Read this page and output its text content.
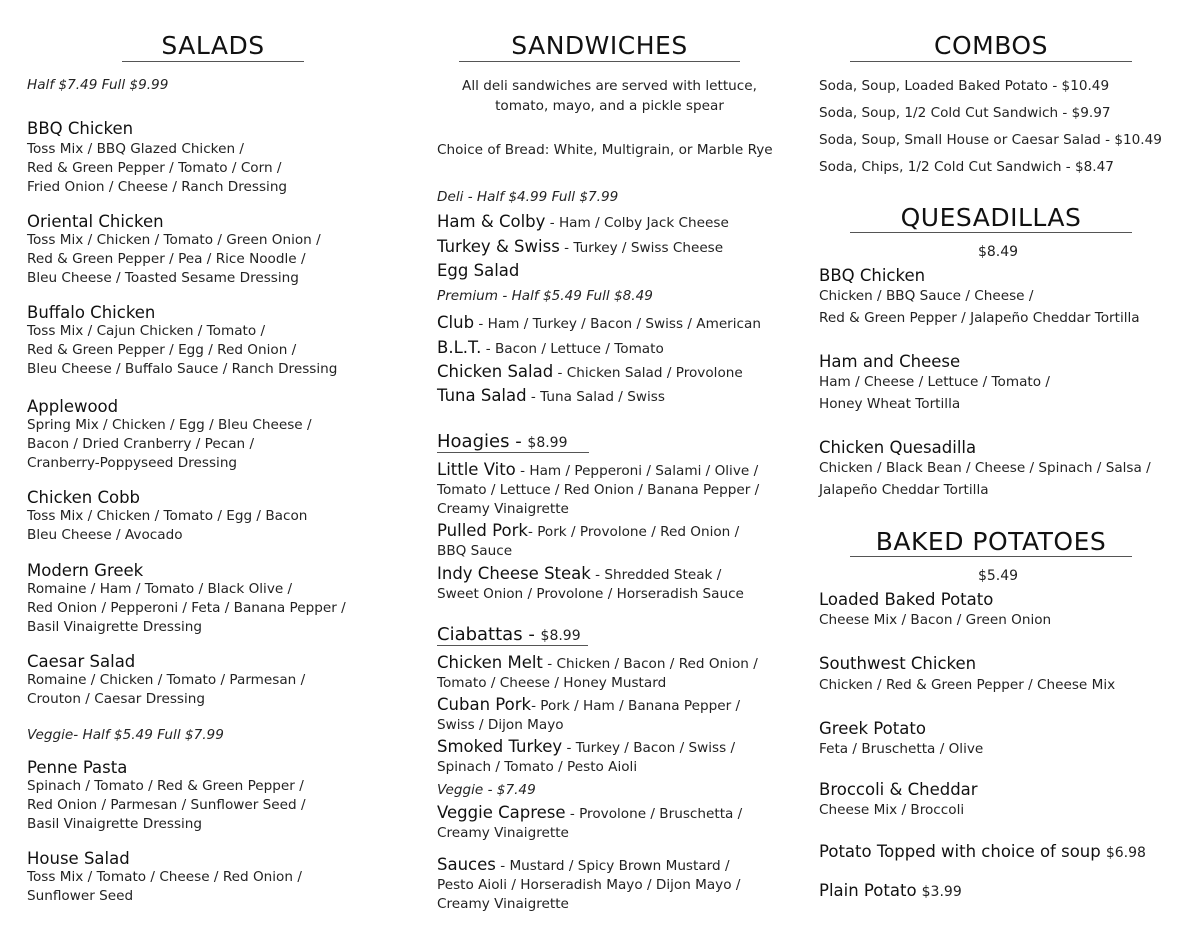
SALADS
Half $7.49 Full $9.99
BBQ Chicken
Toss Mix / BBQ Glazed Chicken /
Red & Green Pepper / Tomato / Corn /
Fried Onion / Cheese / Ranch Dressing
Oriental Chicken
Toss Mix / Chicken / Tomato / Green Onion /
Red & Green Pepper / Pea / Rice Noodle /
Bleu Cheese / Toasted Sesame Dressing
Buffalo Chicken
Toss Mix / Cajun Chicken / Tomato /
Red & Green Pepper / Egg / Red Onion /
Bleu Cheese / Buffalo Sauce / Ranch Dressing
Applewood
Spring Mix / Chicken / Egg / Bleu Cheese /
Bacon / Dried Cranberry / Pecan /
Cranberry-Poppyseed Dressing
Chicken Cobb
Toss Mix / Chicken / Tomato / Egg / Bacon
Bleu Cheese / Avocado
Modern Greek
Romaine / Ham / Tomato / Black Olive /
Red Onion / Pepperoni / Feta / Banana Pepper /
Basil Vinaigrette Dressing
Caesar Salad
Romaine / Chicken / Tomato / Parmesan /
Crouton / Caesar Dressing
Veggie- Half $5.49 Full $7.99
Penne Pasta
Spinach / Tomato / Red & Green Pepper /
Red Onion / Parmesan / Sunflower Seed /
Basil Vinaigrette Dressing
House Salad
Toss Mix / Tomato / Cheese / Red Onion /
Sunflower Seed
SANDWICHES
All deli sandwiches are served with lettuce,
tomato, mayo, and a pickle spear
Choice of Bread: White, Multigrain, or Marble Rye
Deli - Half $4.99 Full $7.99
Ham & Colby - Ham / Colby Jack Cheese
Turkey & Swiss - Turkey / Swiss Cheese
Egg Salad
Premium - Half $5.49 Full $8.49
Club - Ham / Turkey / Bacon / Swiss / American
B.L.T. - Bacon / Lettuce / Tomato
Chicken Salad - Chicken Salad / Provolone
Tuna Salad - Tuna Salad / Swiss
Hoagies - $8.99
Little Vito - Ham / Pepperoni / Salami / Olive /
Tomato / Lettuce / Red Onion / Banana Pepper /
Creamy Vinaigrette
Pulled Pork- Pork / Provolone / Red Onion /
BBQ Sauce
Indy Cheese Steak - Shredded Steak /
Sweet Onion / Provolone / Horseradish Sauce
Ciabattas - $8.99
Chicken Melt - Chicken / Bacon / Red Onion /
Tomato / Cheese / Honey Mustard
Cuban Pork- Pork / Ham / Banana Pepper /
Swiss / Dijon Mayo
Smoked Turkey - Turkey / Bacon / Swiss /
Spinach / Tomato / Pesto Aioli
Veggie - $7.49
Veggie Caprese - Provolone / Bruschetta /
Creamy Vinaigrette
Sauces - Mustard / Spicy Brown Mustard /
Pesto Aioli / Horseradish Mayo / Dijon Mayo /
Creamy Vinaigrette
COMBOS
Soda, Soup, Loaded Baked Potato - $10.49
Soda, Soup, 1/2 Cold Cut Sandwich - $9.97
Soda, Soup, Small House or Caesar Salad - $10.49
Soda, Chips, 1/2 Cold Cut Sandwich - $8.47
QUESADILLAS
$8.49
BBQ Chicken
Chicken / BBQ Sauce / Cheese /
Red & Green Pepper / Jalapeño Cheddar Tortilla
Ham and Cheese
Ham / Cheese / Lettuce / Tomato /
Honey Wheat Tortilla
Chicken Quesadilla
Chicken / Black Bean / Cheese / Spinach / Salsa /
Jalapeño Cheddar Tortilla
BAKED POTATOES
$5.49
Loaded Baked Potato
Cheese Mix / Bacon / Green Onion
Southwest Chicken
Chicken / Red & Green Pepper / Cheese Mix
Greek Potato
Feta / Bruschetta / Olive
Broccoli & Cheddar
Cheese Mix / Broccoli
Potato Topped with choice of soup $6.98
Plain Potato $3.99
